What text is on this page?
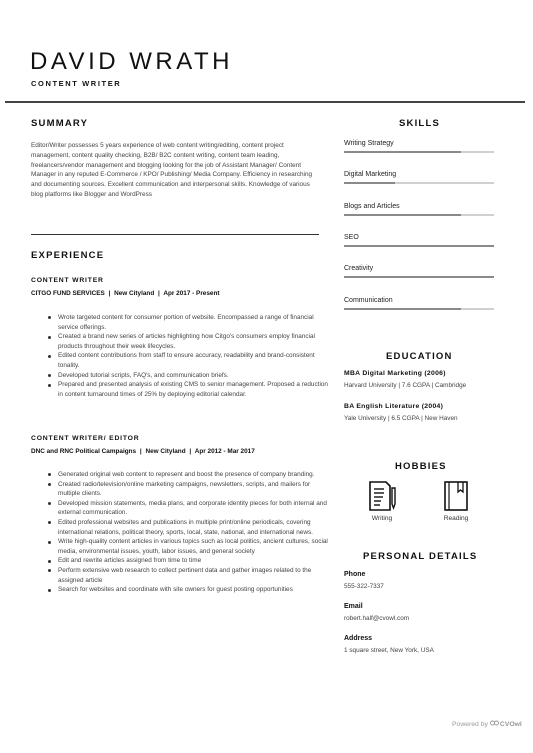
DAVID WRATH
CONTENT WRITER
SUMMARY
Editor/Writer possesses 5 years experience of web content writing/editing, content project management, content quality checking, B2B/ B2C content writing, content team leading, freelancers/vendor management and blogging looking for the job of Assistant Manager/ Content Manager in any reputed E-Commerce / KPO/ Publishing/ Media Company. Efficiency in researching and documenting sources. Excellent communication and interpersonal skills. Knowledge of various blog platforms like Blogger and WordPress
EXPERIENCE
CONTENT WRITER
CITGO FUND SERVICES | New Cityland | Apr 2017 - Present
Wrote targeted content for consumer portion of website. Encompassed a range of financial service offerings.
Created a brand new series of articles highlighting how Citgo's consumers employ financial products throughout their week lifecycles.
Edited content contributions from staff to ensure accuracy, readability and brand-consistent tonality.
Developed tutorial scripts, FAQ's, and communication briefs.
Prepared and presented analysis of existing CMS to senior management. Proposed a reduction in content turnaround times of 25% by deploying editorial calendar.
CONTENT WRITER/ EDITOR
DNC and RNC Political Campaigns | New Cityland | Apr 2012 - Mar 2017
Generated original web content to represent and boost the presence of company branding.
Created radio/television/online marketing campaigns, newsletters, scripts, and mailers for multiple clients.
Developed mission statements, media plans, and corporate identity pieces for both internal and external communication.
Edited professional websites and publications in multiple print/online periodicals, covering international relations, political theory, sports, local, state, national, and international news.
Write high-quality content articles in various topics such as local politics, ancient cultures, social media, environmental issues, youth, labor issues, and general society
Edit and rewrite articles assigned from time to time
Perform extensive web research to collect pertinent data and gather images related to the assigned article
Search for websites and coordinate with site owners for guest posting opportunities
SKILLS
Writing Strategy
Digital Marketing
Blogs and Articles
SEO
Creativity
Communication
EDUCATION
MBA Digital Marketing (2006)
Harvard University | 7.6 CGPA | Cambridge
BA English Literature (2004)
Yale University | 6.5 CGPA | New Haven
HOBBIES
Writing	Reading
PERSONAL DETAILS
Phone
555-322-7337
Email
robert.half@cvowl.com
Address
1 square street, New York, USA
Powered by CVOwl
